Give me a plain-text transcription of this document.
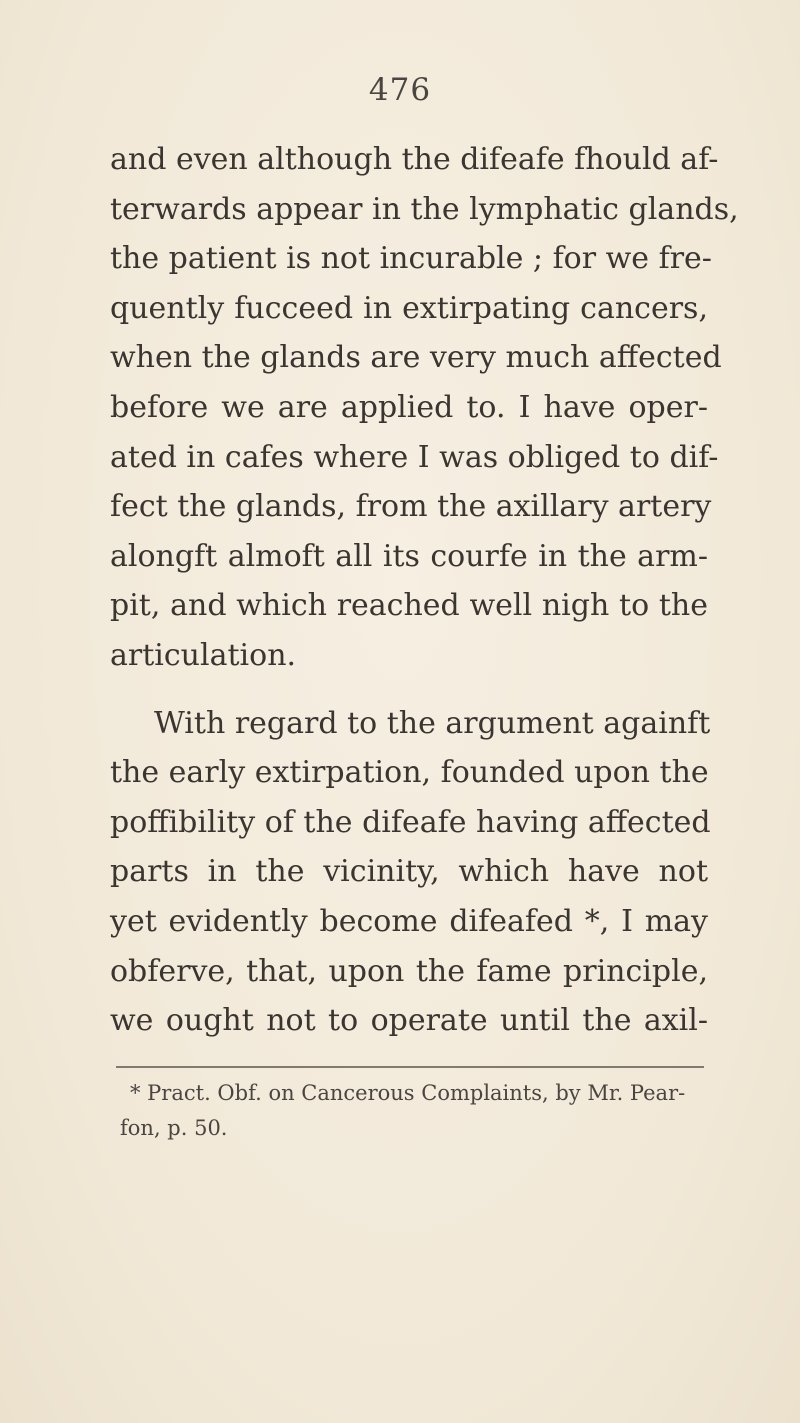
476
and even although the difeafe fhould af-
terwards appear in the lymphatic glands,
the patient is not incurable ; for we fre-
quently fucceed in extirpating cancers,
when the glands are very much affected
before we are applied to. I have oper-
ated in cafes where I was obliged to dif-
fect the glands, from the axillary artery
alongft almoft all its courfe in the arm-
pit, and which reached well nigh to the
articulation.
With regard to the argument againft
the early extirpation, founded upon the
poffibility of the difeafe having affected
parts in the vicinity, which have not
yet evidently become difeafed *, I may
obferve, that, upon the fame principle,
we ought not to operate until the axil-
* Pract. Obf. on Cancerous Complaints, by Mr. Pear-
fon, p. 50.
